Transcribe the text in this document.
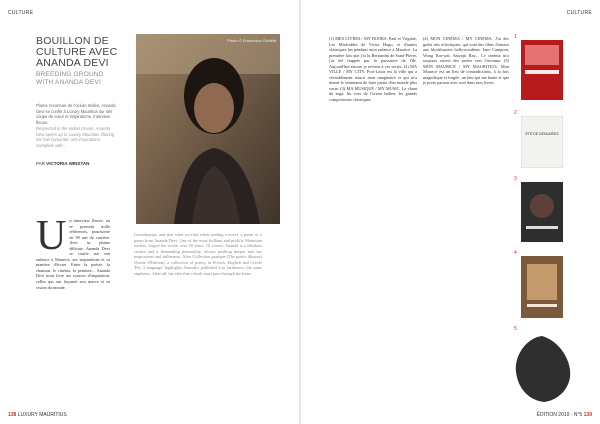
CULTURE
BOUILLON DE CULTURE AVEC ANANDA DEVI
BREEDING GROUND WITH ANANDA DEVI
Plume reconnue de l'océan Indien, Ananda Devi se confie à Luxury Mauritius sur ses coups de cœur et inspirations. Interview fleuve.
Respected in the Indian Ocean, Ananda Devi opens up to Luxury Mauritius sharing her fuel favourites and inspirations. Complete with...
PAR VICTORIA WINSTAN
Photo © Francesca Giulietti
U n interview fleuve, où se pressent mille références, poursuivie en 90 ans de carrière. Avec sa plume délicate, Ananda Devi se confie sur son enfance à Maurice, ses inspirations et sa manière d'écrire. Entre la poésie, la chanson, le cinéma, la peinture... Ananda Devi nous livre ses sources d'inspiration, celles qui ont façonné son œuvre et sa vision du monde.
Goosebumps, and that what we find when reading a novel, a poem or a poem from Ananda Devi. One of the most brilliant and prolific Mauritian writers, forged her words over 30 years. Of course, Ananda is a fabulous creator and a demanding personality, always pushing deeper into her inspirations and influences. After Collection partique (The poetic illusion) (Sortie d'Edition), a collection of poetry in French, English and Creole 'Pey 3 language' highlights Ananda's published Les Jardiniers, the same emphasis. After all, her idea that a book must pass through the heart.
138 LUXURY MAURITIUS
CULTURE
(1) MES LIVRES / MY BOOKS. Paul et Virginie, Les Misérables de Victor Hugo, et d'autres classiques lus pendant mon enfance à Maurice. La première fois que j'ai lu Bernardin de Saint-Pierre, j'ai été frappée par la puissance de l'île. Aujourd'hui encore je reviens à ces textes. (2) MA VILLE / MY CITY. Port-Louis est la ville qui a véritablement nourri mon imaginaire et qui m'a donné le sentiment de faire partie d'un monde plus vaste. (3) MA MUSIQUE / MY MUSIC. Le chant du sega, les voix de l'océan Indien, les grands compositeurs classiques.
(4) MON CINÉMA / MY CINEMA. J'ai des goûts très éclectiques, qui vont des films d'auteur aux blockbusters hollywoodiens. Jane Campion, Wong Kar-wai, Satyajit Ray... Le cinéma m'a toujours ouvert des portes vers l'inconnu. (5) MON MAURICE / MY MAURITIUS. Mon Maurice est un lieu de contradictions, à la fois magnifique et fragile, un lieu qui me hante et que je porte partout avec moi dans mes livres.
ÉDITION 2019 · N°5 139
1
2
ÉTÉ DE DENUDÉES
3
4
5
